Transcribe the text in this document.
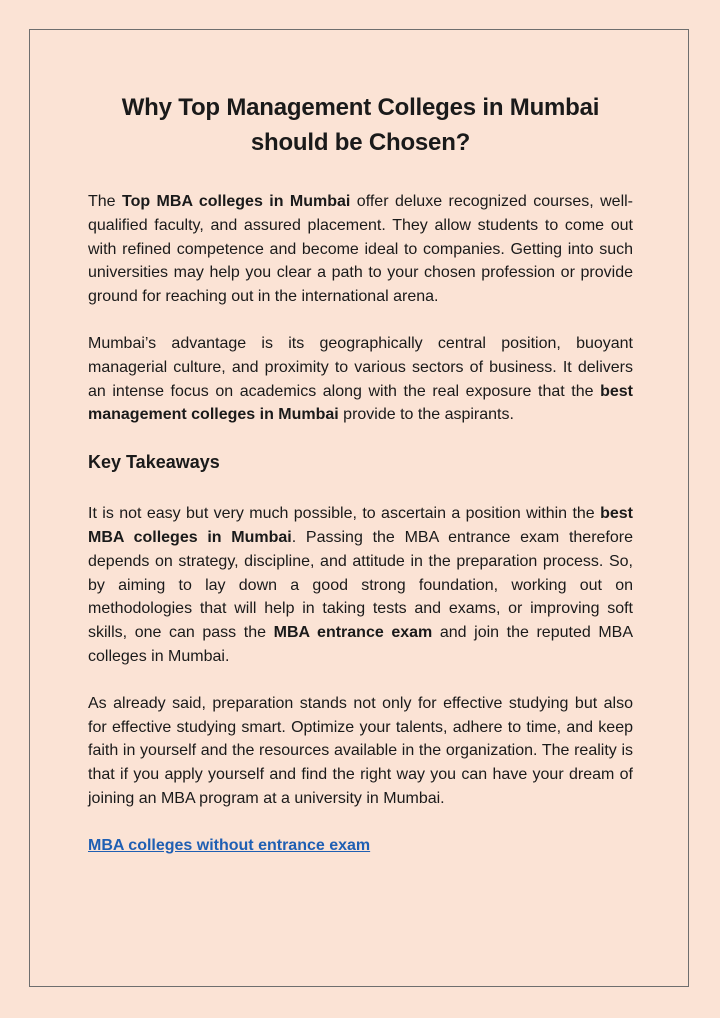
Why Top Management Colleges in Mumbai should be Chosen?

The Top MBA colleges in Mumbai offer deluxe recognized courses, well-qualified faculty, and assured placement. They allow students to come out with refined competence and become ideal to companies. Getting into such universities may help you clear a path to your chosen profession or provide ground for reaching out in the international arena.

Mumbai’s advantage is its geographically central position, buoyant managerial culture, and proximity to various sectors of business. It delivers an intense focus on academics along with the real exposure that the best management colleges in Mumbai provide to the aspirants.

Key Takeaways

It is not easy but very much possible, to ascertain a position within the best MBA colleges in Mumbai. Passing the MBA entrance exam therefore depends on strategy, discipline, and attitude in the preparation process. So, by aiming to lay down a good strong foundation, working out on methodologies that will help in taking tests and exams, or improving soft skills, one can pass the MBA entrance exam and join the reputed MBA colleges in Mumbai.

As already said, preparation stands not only for effective studying but also for effective studying smart. Optimize your talents, adhere to time, and keep faith in yourself and the resources available in the organization. The reality is that if you apply yourself and find the right way you can have your dream of joining an MBA program at a university in Mumbai.

MBA colleges without entrance exam
